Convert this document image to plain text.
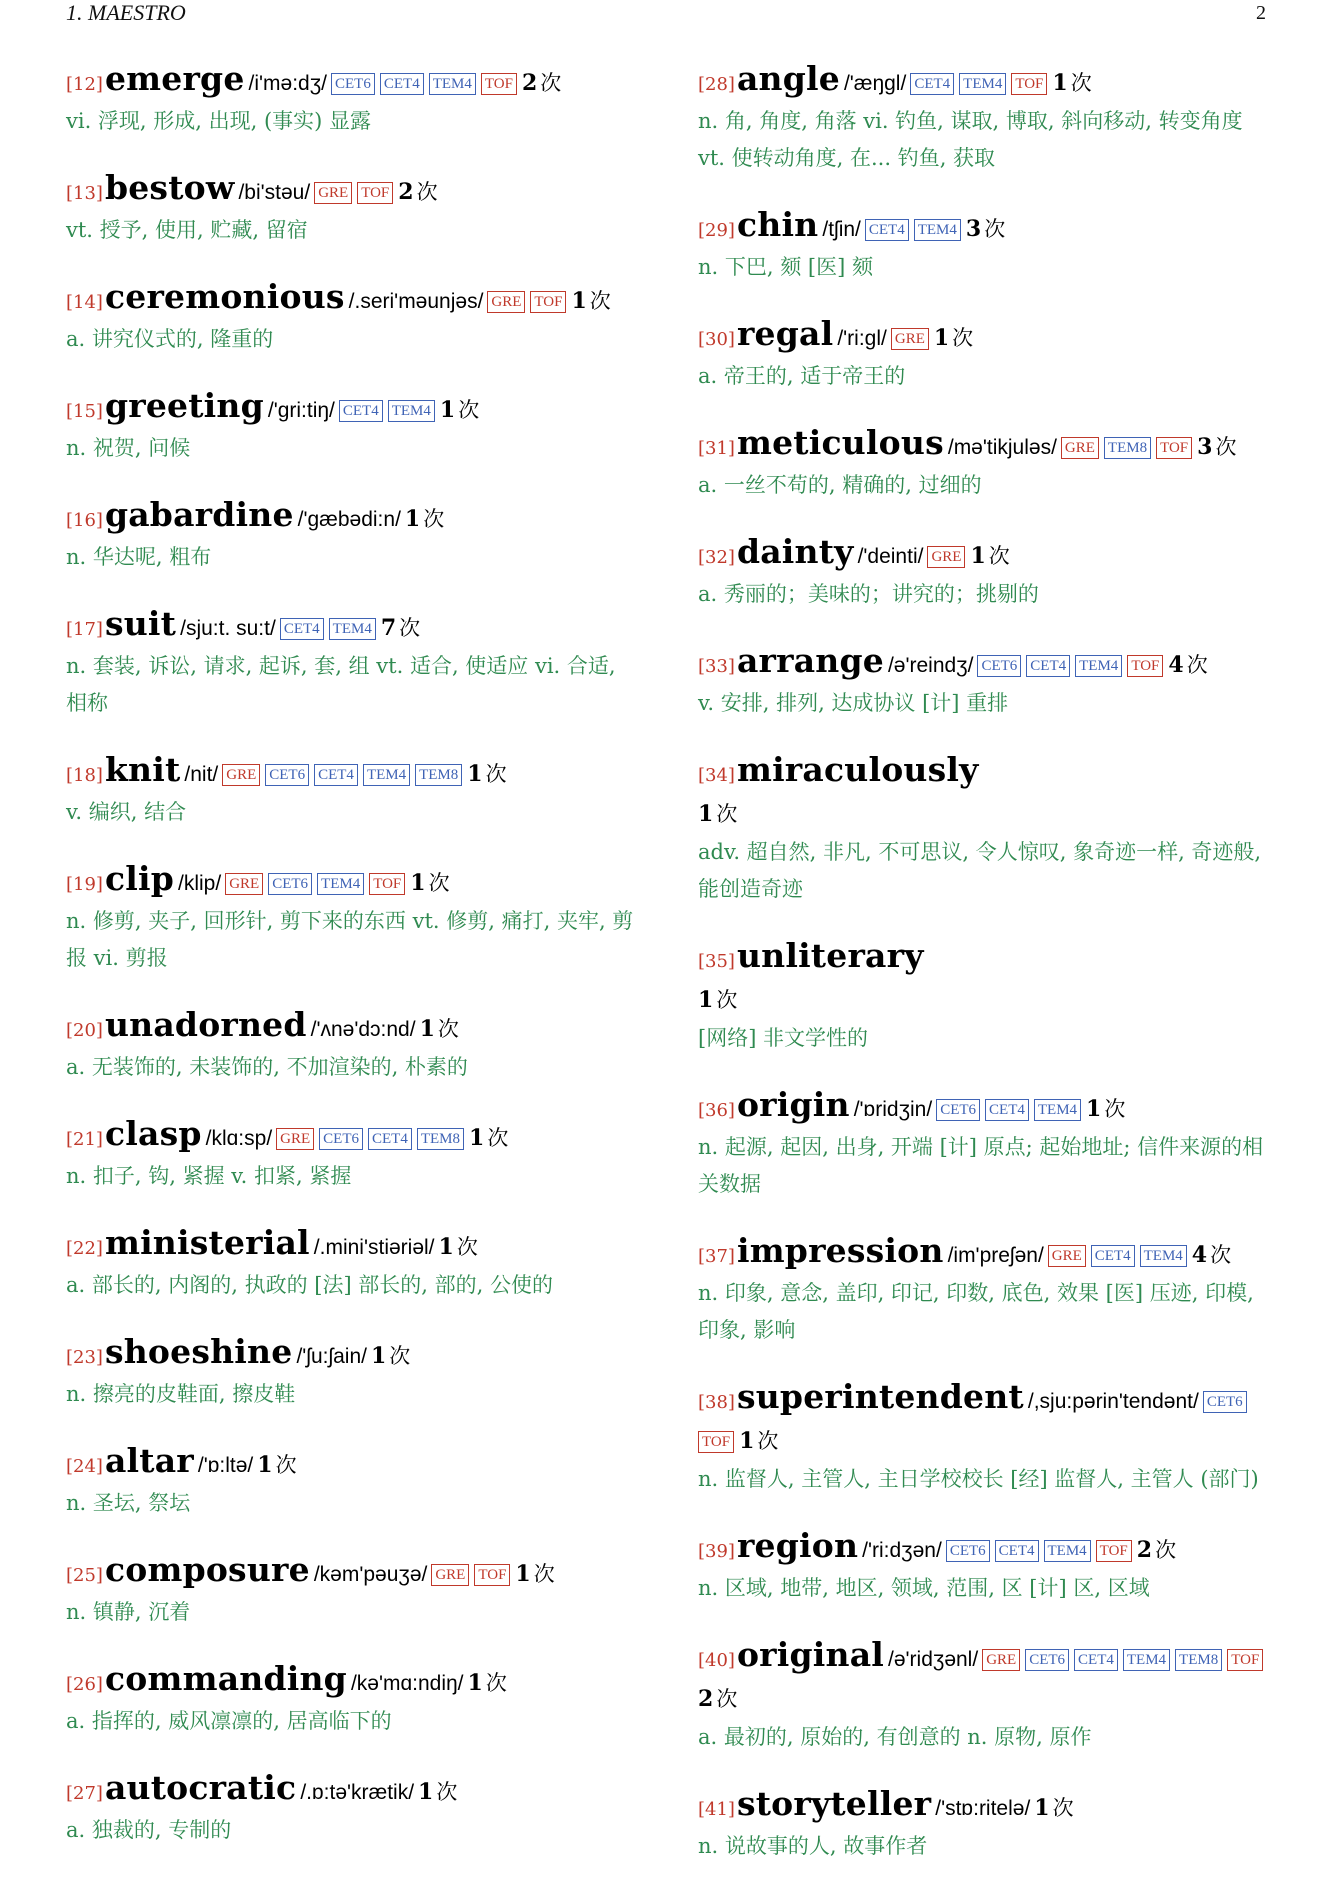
1. MAESTRO	2
[12]emerge /i'mə:dʒ/ CET6 CET4 TEM4 TOF 2 次
vi. 浮现, 形成, 出现, (事实) 显露
[13]bestow /bi'stəu/ GRE TOF 2 次
vt. 授予, 使用, 贮藏, 留宿
[14]ceremonious /.seri'məunjəs/ GRE TOF 1 次
a. 讲究仪式的, 隆重的
[15]greeting /'gri:tiŋ/ CET4 TEM4 1 次
n. 祝贺, 问候
[16]gabardine /'gæbədi:n/ 1 次
n. 华达呢, 粗布
[17]suit /sju:t. su:t/ CET4 TEM4 7 次
n. 套装, 诉讼, 请求, 起诉, 套, 组 vt. 适合, 使适应 vi. 合适, 相称
[18]knit /nit/ GRE CET6 CET4 TEM4 TEM8 1 次
v. 编织, 结合
[19]clip /klip/ GRE CET6 TEM4 TOF 1 次
n. 修剪, 夹子, 回形针, 剪下来的东西 vt. 修剪, 痛打, 夹牢, 剪报 vi. 剪报
[20]unadorned /'ʌnə'dɔ:nd/ 1 次
a. 无装饰的, 未装饰的, 不加渲染的, 朴素的
[21]clasp /klɑ:sp/ GRE CET6 CET4 TEM8 1 次
n. 扣子, 钩, 紧握 v. 扣紧, 紧握
[22]ministerial /.mini'stiəriəl/ 1 次
a. 部长的, 内阁的, 执政的 [法] 部长的, 部的, 公使的
[23]shoeshine /'ʃu:ʃain/ 1 次
n. 擦亮的皮鞋面, 擦皮鞋
[24]altar /'ɒ:ltə/ 1 次
n. 圣坛, 祭坛
[25]composure /kəm'pəuʒə/ GRE TOF 1 次
n. 镇静, 沉着
[26]commanding /kə'mɑ:ndiŋ/ 1 次
a. 指挥的, 威风凛凛的, 居高临下的
[27]autocratic /.ɒ:tə'krætik/ 1 次
a. 独裁的, 专制的
[28]angle /'æŋgl/ CET4 TEM4 TOF 1 次
n. 角, 角度, 角落 vi. 钓鱼, 谋取, 博取, 斜向移动, 转变角度 vt. 使转动角度, 在... 钓鱼, 获取
[29]chin /tʃin/ CET4 TEM4 3 次
n. 下巴, 颏 [医] 颏
[30]regal /'ri:gl/ GRE 1 次
a. 帝王的, 适于帝王的
[31]meticulous /mə'tikjuləs/ GRE TEM8 TOF 3 次
a. 一丝不苟的, 精确的, 过细的
[32]dainty /'deinti/ GRE 1 次
a. 秀丽的；美味的；讲究的；挑剔的
[33]arrange /ə'reindʒ/ CET6 CET4 TEM4 TOF 4 次
v. 安排, 排列, 达成协议 [计] 重排
[34]miraculously
1 次
adv. 超自然, 非凡, 不可思议, 令人惊叹, 象奇迹一样, 奇迹般, 能创造奇迹
[35]unliterary
1 次
[网络] 非文学性的
[36]origin /'ɒridʒin/ CET6 CET4 TEM4 1 次
n. 起源, 起因, 出身, 开端 [计] 原点; 起始地址; 信件来源的相关数据
[37]impression /im'preʃən/ GRE CET4 TEM4 4 次
n. 印象, 意念, 盖印, 印记, 印数, 底色, 效果 [医] 压迹, 印模, 印象, 影响
[38]superintendent /,sju:pərin'tendənt/ CET6TOF 1 次
n. 监督人, 主管人, 主日学校校长 [经] 监督人, 主管人 (部门)
[39]region /'ri:dʒən/ CET6 CET4 TEM4 TOF 2 次
n. 区域, 地带, 地区, 领域, 范围, 区 [计] 区, 区域
[40]original /ə'ridʒənl/ GRE CET6 CET4 TEM4 TEM8 TOF2 次
a. 最初的, 原始的, 有创意的 n. 原物, 原作
[41]storyteller /'stɒ:ritelə/ 1 次
n. 说故事的人, 故事作者
